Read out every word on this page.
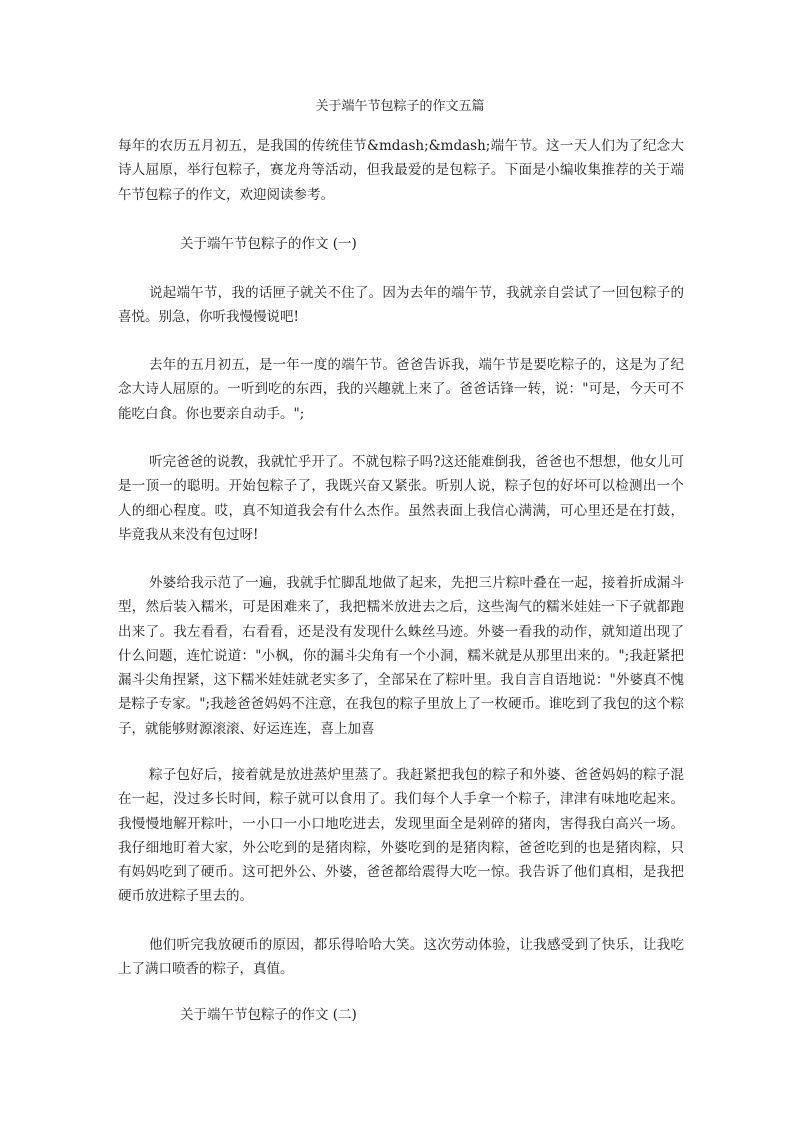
关于端午节包粽子的作文五篇

每年的农历五月初五，是我国的传统佳节&mdash;&mdash;端午节。这一天人们为了纪念大诗人屈原，举行包粽子，赛龙舟等活动，但我最爱的是包粽子。下面是小编收集推荐的关于端午节包粽子的作文，欢迎阅读参考。

关于端午节包粽子的作文 (一)

说起端午节，我的话匣子就关不住了。因为去年的端午节，我就亲自尝试了一回包粽子的喜悦。别急，你听我慢慢说吧!

去年的五月初五，是一年一度的端午节。爸爸告诉我，端午节是要吃粽子的，这是为了纪念大诗人屈原的。一听到吃的东西，我的兴趣就上来了。爸爸话锋一转，说："可是，今天可不能吃白食。你也要亲自动手。";

听完爸爸的说教，我就忙乎开了。不就包粽子吗?这还能难倒我，爸爸也不想想，他女儿可是一顶一的聪明。开始包粽子了，我既兴奋又紧张。听别人说，粽子包的好坏可以检测出一个人的细心程度。哎，真不知道我会有什么杰作。虽然表面上我信心满满，可心里还是在打鼓，毕竟我从来没有包过呀!

外婆给我示范了一遍，我就手忙脚乱地做了起来，先把三片粽叶叠在一起，接着折成漏斗型，然后装入糯米，可是困难来了，我把糯米放进去之后，这些淘气的糯米娃娃一下子就都跑出来了。我左看看，右看看，还是没有发现什么蛛丝马迹。外婆一看我的动作，就知道出现了什么问题，连忙说道："小枫，你的漏斗尖角有一个小洞，糯米就是从那里出来的。";我赶紧把漏斗尖角捏紧，这下糯米娃娃就老实多了，全部呆在了粽叶里。我自言自语地说："外婆真不愧是粽子专家。";我趁爸爸妈妈不注意，在我包的粽子里放上了一枚硬币。谁吃到了我包的这个粽子，就能够财源滚滚、好运连连，喜上加喜

粽子包好后，接着就是放进蒸炉里蒸了。我赶紧把我包的粽子和外婆、爸爸妈妈的粽子混在一起，没过多长时间，粽子就可以食用了。我们每个人手拿一个粽子，津津有味地吃起来。我慢慢地解开粽叶，一小口一小口地吃进去，发现里面全是剁碎的猪肉，害得我白高兴一场。我仔细地盯着大家，外公吃到的是猪肉粽，外婆吃到的是猪肉粽，爸爸吃到的也是猪肉粽，只有妈妈吃到了硬币。这可把外公、外婆，爸爸都给震得大吃一惊。我告诉了他们真相，是我把硬币放进粽子里去的。

他们听完我放硬币的原因，都乐得哈哈大笑。这次劳动体验，让我感受到了快乐，让我吃上了满口喷香的粽子，真值。

关于端午节包粽子的作文 (二)
